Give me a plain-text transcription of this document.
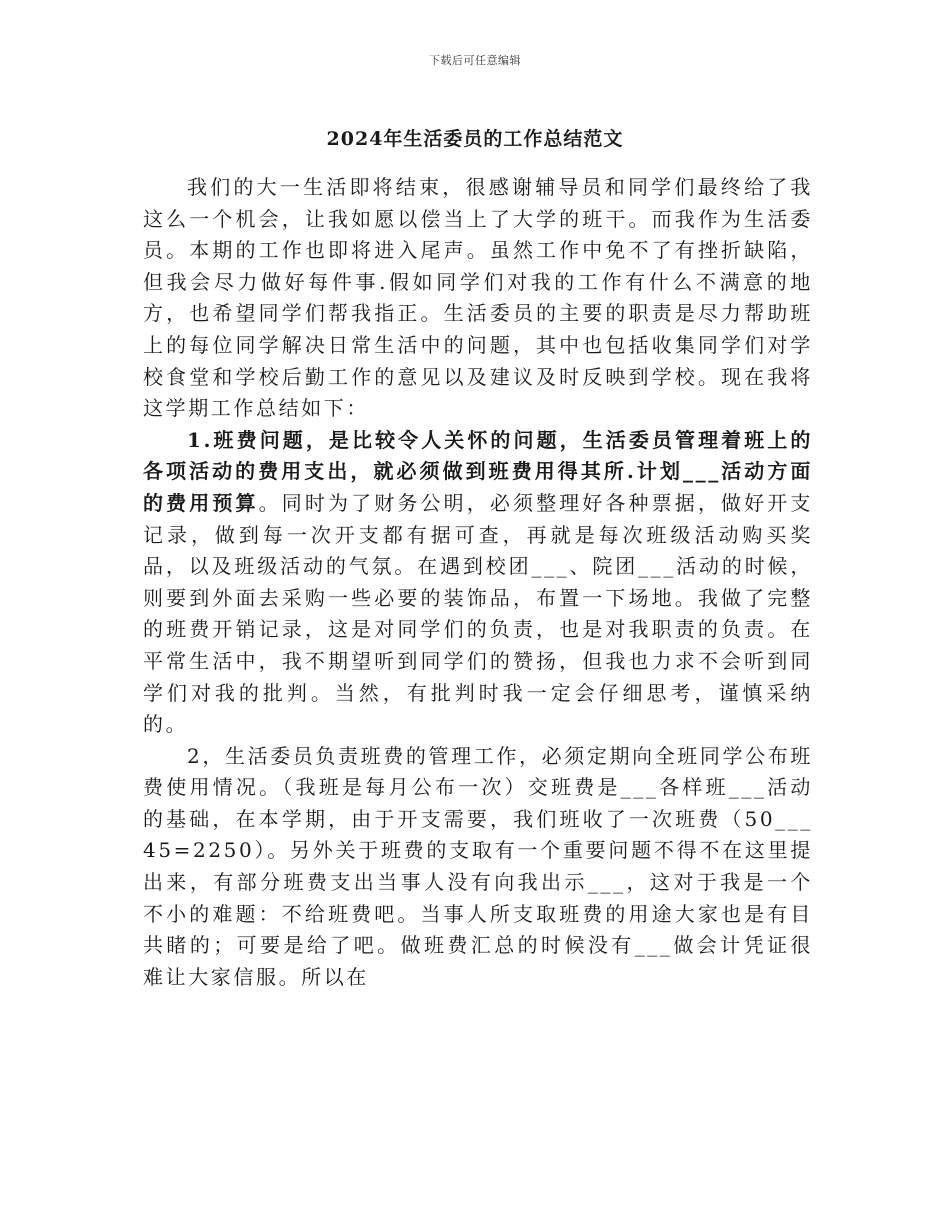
下载后可任意编辑
2024年生活委员的工作总结范文

我们的大一生活即将结束，很感谢辅导员和同学们最终给了我这么一个机会，让我如愿以偿当上了大学的班干。而我作为生活委员。本期的工作也即将进入尾声。虽然工作中免不了有挫折缺陷，但我会尽力做好每件事.假如同学们对我的工作有什么不满意的地方，也希望同学们帮我指正。生活委员的主要的职责是尽力帮助班上的每位同学解决日常生活中的问题，其中也包括收集同学们对学校食堂和学校后勤工作的意见以及建议及时反映到学校。现在我将这学期工作总结如下：

1.班费问题，是比较令人关怀的问题，生活委员管理着班上的各项活动的费用支出，就必须做到班费用得其所.计划___活动方面的费用预算。同时为了财务公明，必须整理好各种票据，做好开支记录，做到每一次开支都有据可查，再就是每次班级活动购买奖品，以及班级活动的气氛。在遇到校团___、院团___活动的时候，则要到外面去采购一些必要的装饰品，布置一下场地。我做了完整的班费开销记录，这是对同学们的负责，也是对我职责的负责。在平常生活中，我不期望听到同学们的赞扬，但我也力求不会听到同学们对我的批判。当然，有批判时我一定会仔细思考，谨慎采纳的。

2，生活委员负责班费的管理工作，必须定期向全班同学公布班费使用情况。（我班是每月公布一次）交班费是___各样班___活动的基础，在本学期，由于开支需要，我们班收了一次班费（50___45=2250）。另外关于班费的支取有一个重要问题不得不在这里提出来，有部分班费支出当事人没有向我出示___，这对于我是一个不小的难题：不给班费吧。当事人所支取班费的用途大家也是有目共睹的；可要是给了吧。做班费汇总的时候没有___做会计凭证很难让大家信服。所以在
